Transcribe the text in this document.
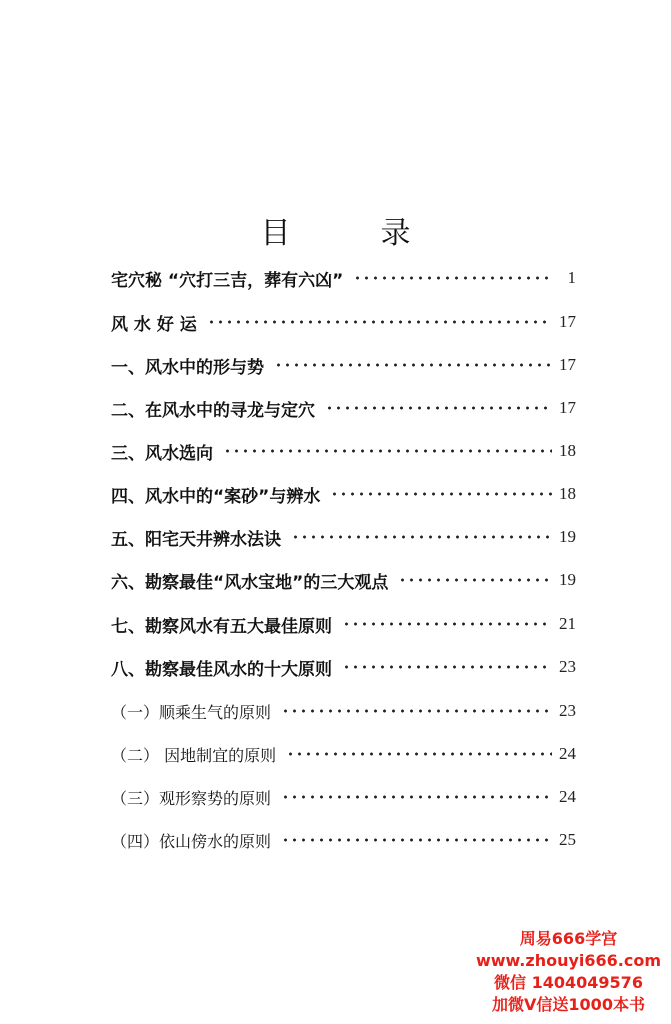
目　录
宅穴秘 “穴打三吉，葬有六凶”	1
风 水 好 运	17
一、风水中的形与势	17
二、在风水中的寻龙与定穴	17
三、风水选向	18
四、风水中的“案砂”与辨水	18
五、阳宅天井辨水法诀	19
六、勘察最佳“风水宝地”的三大观点	19
七、勘察风水有五大最佳原则	21
八、勘察最佳风水的十大原则	23
（一）顺乘生气的原则	23
（二） 因地制宜的原则	24
（三）观形察势的原则	24
（四）依山傍水的原则	25
周易666学宫
www.zhouyi666.com
微信 1404049576
加微V信送1000本书
